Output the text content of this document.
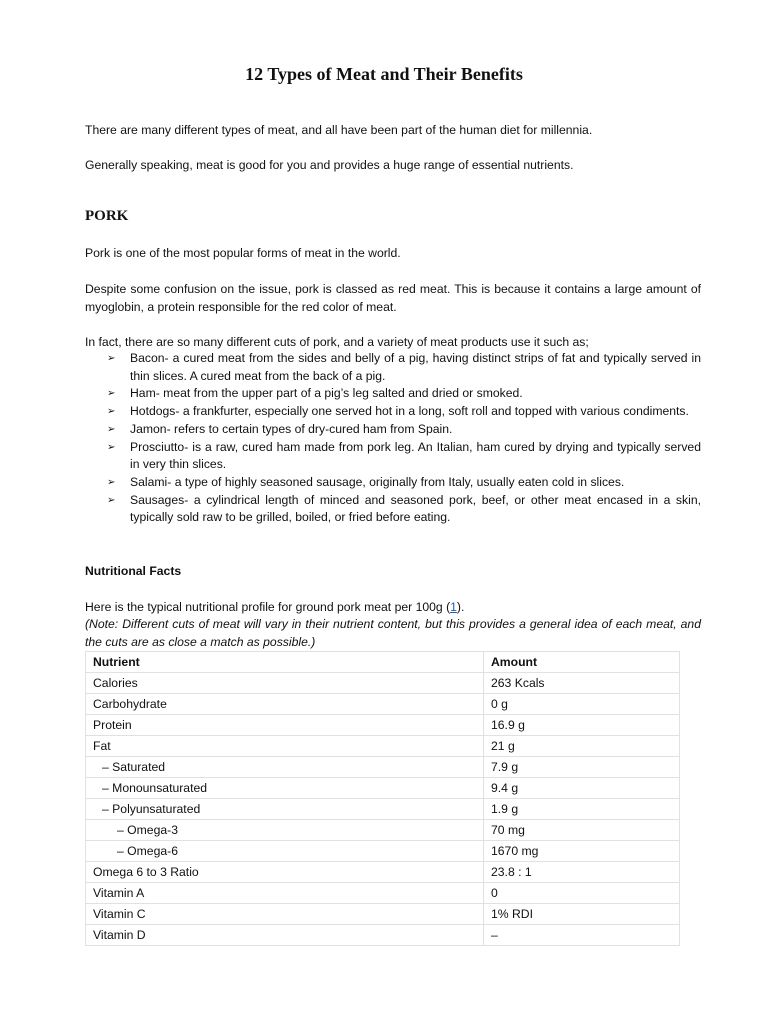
12 Types of Meat and Their Benefits

There are many different types of meat, and all have been part of the human diet for millennia.

Generally speaking, meat is good for you and provides a huge range of essential nutrients.

PORK

Pork is one of the most popular forms of meat in the world.

Despite some confusion on the issue, pork is classed as red meat. This is because it contains a large amount of myoglobin, a protein responsible for the red color of meat.

In fact, there are so many different cuts of pork, and a variety of meat products use it such as;

➢ Bacon- a cured meat from the sides and belly of a pig, having distinct strips of fat and typically served in thin slices. A cured meat from the back of a pig.
➢ Ham- meat from the upper part of a pig’s leg salted and dried or smoked.
➢ Hotdogs- a frankfurter, especially one served hot in a long, soft roll and topped with various condiments.
➢ Jamon- refers to certain types of dry-cured ham from Spain.
➢ Prosciutto- is a raw, cured ham made from pork leg. An Italian, ham cured by drying and typically served in very thin slices.
➢ Salami- a type of highly seasoned sausage, originally from Italy, usually eaten cold in slices.
➢ Sausages- a cylindrical length of minced and seasoned pork, beef, or other meat encased in a skin, typically sold raw to be grilled, boiled, or fried before eating.
Nutritional Facts

Here is the typical nutritional profile for ground pork meat per 100g (1).

(Note: Different cuts of meat will vary in their nutrient content, but this provides a general idea of each meat, and the cuts are as close a match as possible.)

Nutrient	Amount
Calories	263 Kcals
Carbohydrate	0 g
Protein	16.9 g
Fat	21 g
– Saturated	7.9 g
– Monounsaturated	9.4 g
– Polyunsaturated	1.9 g
– Omega-3	70 mg
– Omega-6	1670 mg
Omega 6 to 3 Ratio	23.8 : 1
Vitamin A	0
Vitamin C	1% RDI
Vitamin D	–
